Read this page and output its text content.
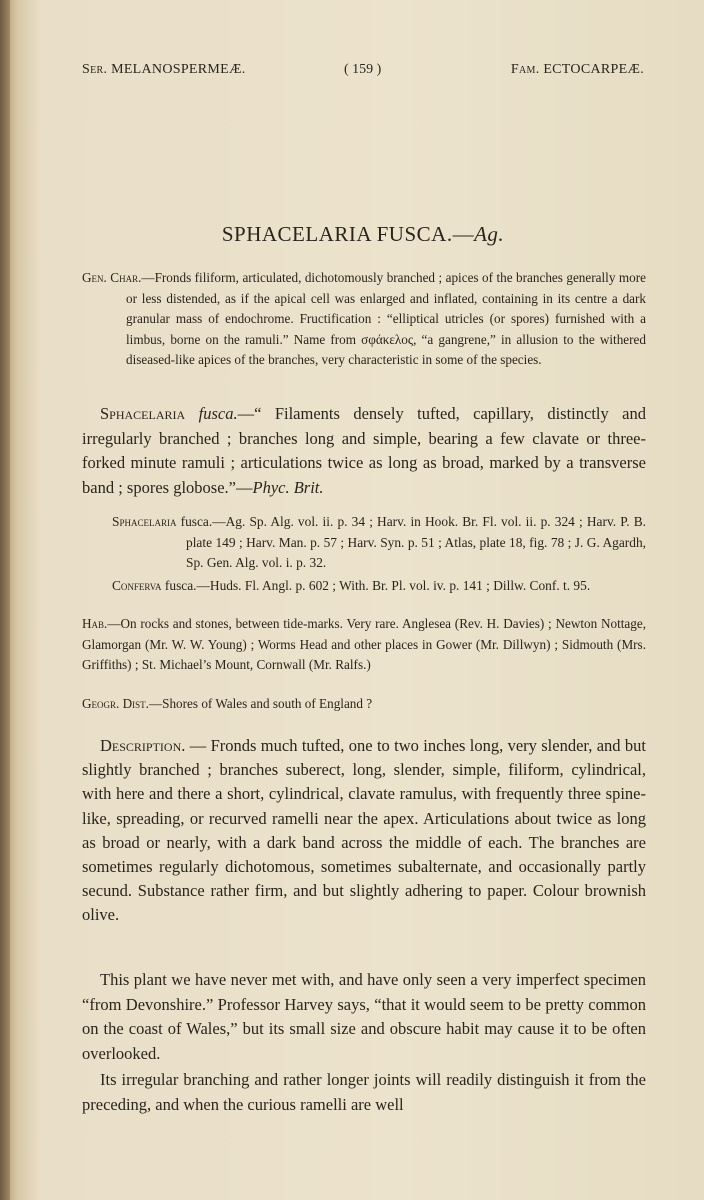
Ser. MELANOSPERMEÆ.	( 159 )	Fam. ECTOCARPEÆ.
SPHACELARIA FUSCA.—Ag.

Gen. Char.—Fronds filiform, articulated, dichotomously branched ; apices of the branches generally more or less distended, as if the apical cell was enlarged and inflated, containing in its centre a dark granular mass of endochrome. Fructification : “elliptical utricles (or spores) furnished with a limbus, borne on the ramuli.” Name from σφάκελος, “a gangrene,” in allusion to the withered diseased-like apices of the branches, very characteristic in some of the species.

Sphacelaria fusca.—“ Filaments densely tufted, capillary, distinctly and irregularly branched ; branches long and simple, bearing a few clavate or three-forked minute ramuli ; articulations twice as long as broad, marked by a transverse band ; spores globose.”—Phyc. Brit.

Sphacelaria fusca.—Ag. Sp. Alg. vol. ii. p. 34 ; Harv. in Hook. Br. Fl. vol. ii. p. 324 ; Harv. P. B. plate 149 ; Harv. Man. p. 57 ; Harv. Syn. p. 51 ; Atlas, plate 18, fig. 78 ; J. G. Agardh, Sp. Gen. Alg. vol. i. p. 32.

Conferva fusca.—Huds. Fl. Angl. p. 602 ; With. Br. Pl. vol. iv. p. 141 ; Dillw. Conf. t. 95.

Hab.—On rocks and stones, between tide-marks. Very rare. Anglesea (Rev. H. Davies) ; Newton Nottage, Glamorgan (Mr. W. W. Young) ; Worms Head and other places in Gower (Mr. Dillwyn) ; Sidmouth (Mrs. Griffiths) ; St. Michael’s Mount, Cornwall (Mr. Ralfs.)

Geogr. Dist.—Shores of Wales and south of England ?

Description. — Fronds much tufted, one to two inches long, very slender, and but slightly branched ; branches suberect, long, slender, simple, filiform, cylindrical, with here and there a short, cylindrical, clavate ramulus, with frequently three spine-like, spreading, or recurved ramelli near the apex. Articulations about twice as long as broad or nearly, with a dark band across the middle of each. The branches are sometimes regularly dichotomous, sometimes subalternate, and occasionally partly secund. Substance rather firm, and but slightly adhering to paper. Colour brownish olive.

This plant we have never met with, and have only seen a very imperfect specimen “from Devonshire.” Professor Harvey says, “that it would seem to be pretty common on the coast of Wales,” but its small size and obscure habit may cause it to be often overlooked.

Its irregular branching and rather longer joints will readily distinguish it from the preceding, and when the curious ramelli are well
